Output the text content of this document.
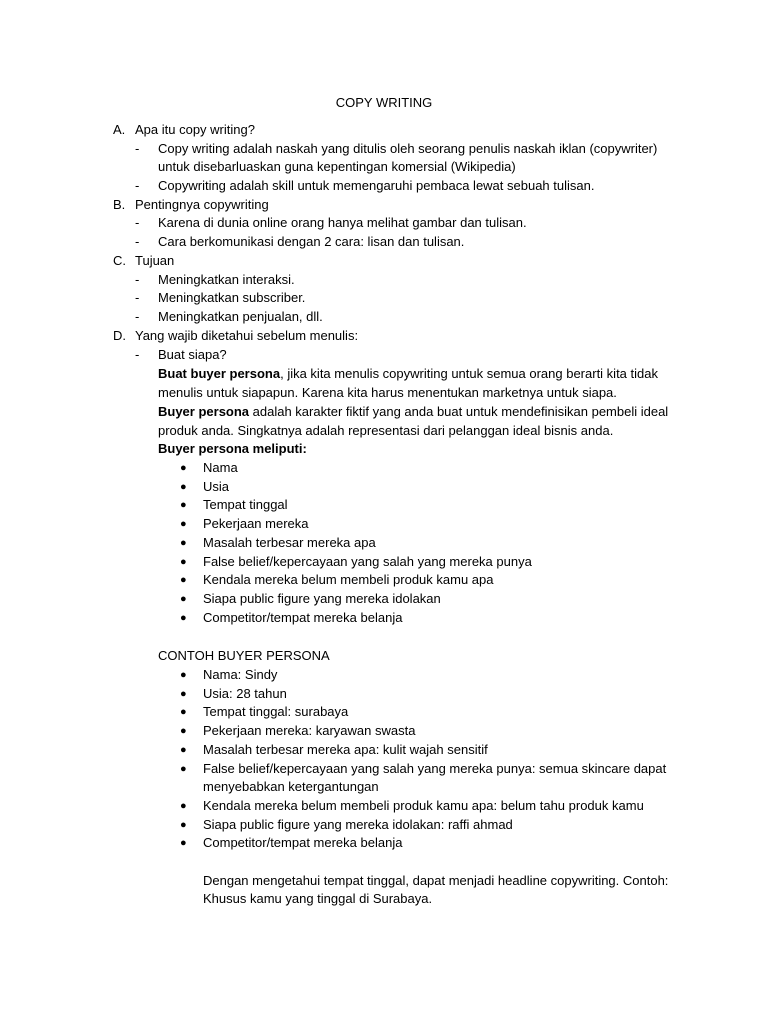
COPY WRITING
A. Apa itu copy writing?
- Copy writing adalah naskah yang ditulis oleh seorang penulis naskah iklan (copywriter)
untuk disebarluaskan guna kepentingan komersial (Wikipedia)
- Copywriting adalah skill untuk memengaruhi pembaca lewat sebuah tulisan.
B. Pentingnya copywriting
- Karena di dunia online orang hanya melihat gambar dan tulisan.
- Cara berkomunikasi dengan 2 cara: lisan dan tulisan.
C. Tujuan
- Meningkatkan interaksi.
- Meningkatkan subscriber.
- Meningkatkan penjualan, dll.
D. Yang wajib diketahui sebelum menulis:
- Buat siapa?
Buat buyer persona, jika kita menulis copywriting untuk semua orang berarti kita tidak
menulis untuk siapapun. Karena kita harus menentukan marketnya untuk siapa.
Buyer persona adalah karakter fiktif yang anda buat untuk mendefinisikan pembeli ideal
produk anda. Singkatnya adalah representasi dari pelanggan ideal bisnis anda.
Buyer persona meliputi:
● Nama
● Usia
● Tempat tinggal
● Pekerjaan mereka
● Masalah terbesar mereka apa
● False belief/kepercayaan yang salah yang mereka punya
● Kendala mereka belum membeli produk kamu apa
● Siapa public figure yang mereka idolakan
● Competitor/tempat mereka belanja
CONTOH BUYER PERSONA
● Nama: Sindy
● Usia: 28 tahun
● Tempat tinggal: surabaya
● Pekerjaan mereka: karyawan swasta
● Masalah terbesar mereka apa: kulit wajah sensitif
● False belief/kepercayaan yang salah yang mereka punya: semua skincare dapat
menyebabkan ketergantungan
● Kendala mereka belum membeli produk kamu apa: belum tahu produk kamu
● Siapa public figure yang mereka idolakan: raffi ahmad
● Competitor/tempat mereka belanja
Dengan mengetahui tempat tinggal, dapat menjadi headline copywriting. Contoh:
Khusus kamu yang tinggal di Surabaya.
